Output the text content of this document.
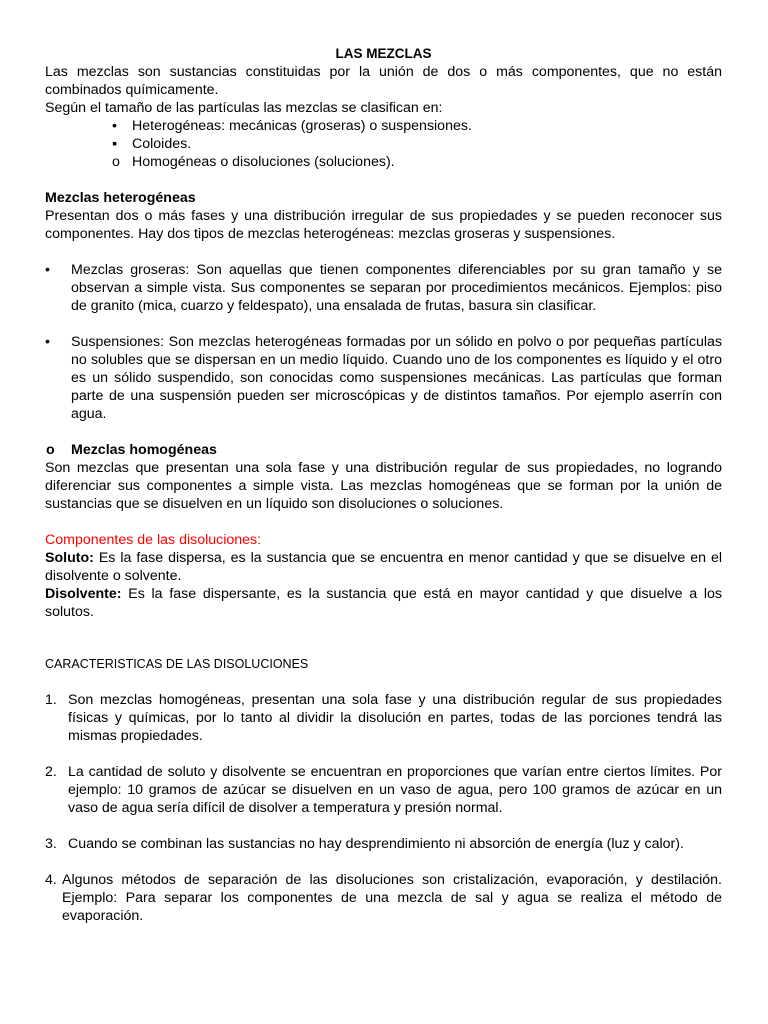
LAS MEZCLAS

Las mezclas son sustancias constituidas por la unión de dos o más componentes, que no están combinados químicamente.

Según el tamaño de las partículas las mezclas se clasifican en:

•	Heterogéneas: mecánicas (groseras) o suspensiones.
▪	Coloides.
o Homogéneas o disoluciones (soluciones).

Mezclas heterogéneas

Presentan dos o más fases y una distribución irregular de sus propiedades y se pueden reconocer sus componentes. Hay dos tipos de mezclas heterogéneas: mezclas groseras y suspensiones.

• Mezclas groseras: Son aquellas que tienen componentes diferenciables por su gran tamaño y se observan a simple vista. Sus componentes se separan por procedimientos mecánicos. Ejemplos: piso de granito (mica, cuarzo y feldespato), una ensalada de frutas, basura sin clasificar.
• Suspensiones: Son mezclas heterogéneas formadas por un sólido en polvo o por pequeñas partículas no solubles que se dispersan en un medio líquido. Cuando uno de los componentes es líquido y el otro es un sólido suspendido, son conocidas como suspensiones mecánicas. Las partículas que forman parte de una suspensión pueden ser microscópicas y de distintos tamaños. Por ejemplo aserrín con agua.
o Mezclas homogéneas

Son mezclas que presentan una sola fase y una distribución regular de sus propiedades, no logrando diferenciar sus componentes a simple vista. Las mezclas homogéneas que se forman por la unión de sustancias que se disuelven en un líquido son disoluciones o soluciones.

Componentes de las disoluciones:

Soluto: Es la fase dispersa, es la sustancia que se encuentra en menor cantidad y que se disuelve en el disolvente o solvente.

Disolvente: Es la fase dispersante, es la sustancia que está en mayor cantidad y que disuelve a los solutos.

CARACTERISTICAS DE LAS DISOLUCIONES

1. Son mezclas homogéneas, presentan una sola fase y una distribución regular de sus propiedades físicas y químicas, por lo tanto al dividir la disolución en partes, todas de las porciones tendrá las mismas propiedades.
2. La cantidad de soluto y disolvente se encuentran en proporciones que varían entre ciertos límites. Por ejemplo: 10 gramos de azúcar se disuelven en un vaso de agua, pero 100 gramos de azúcar en un vaso de agua sería difícil de disolver a temperatura y presión normal.
3. Cuando se combinan las sustancias no hay desprendimiento ni absorción de energía (luz y calor).
4. Algunos métodos de separación de las disoluciones son cristalización, evaporación, y destilación. Ejemplo: Para separar los componentes de una mezcla de sal y agua se realiza el método de evaporación.
